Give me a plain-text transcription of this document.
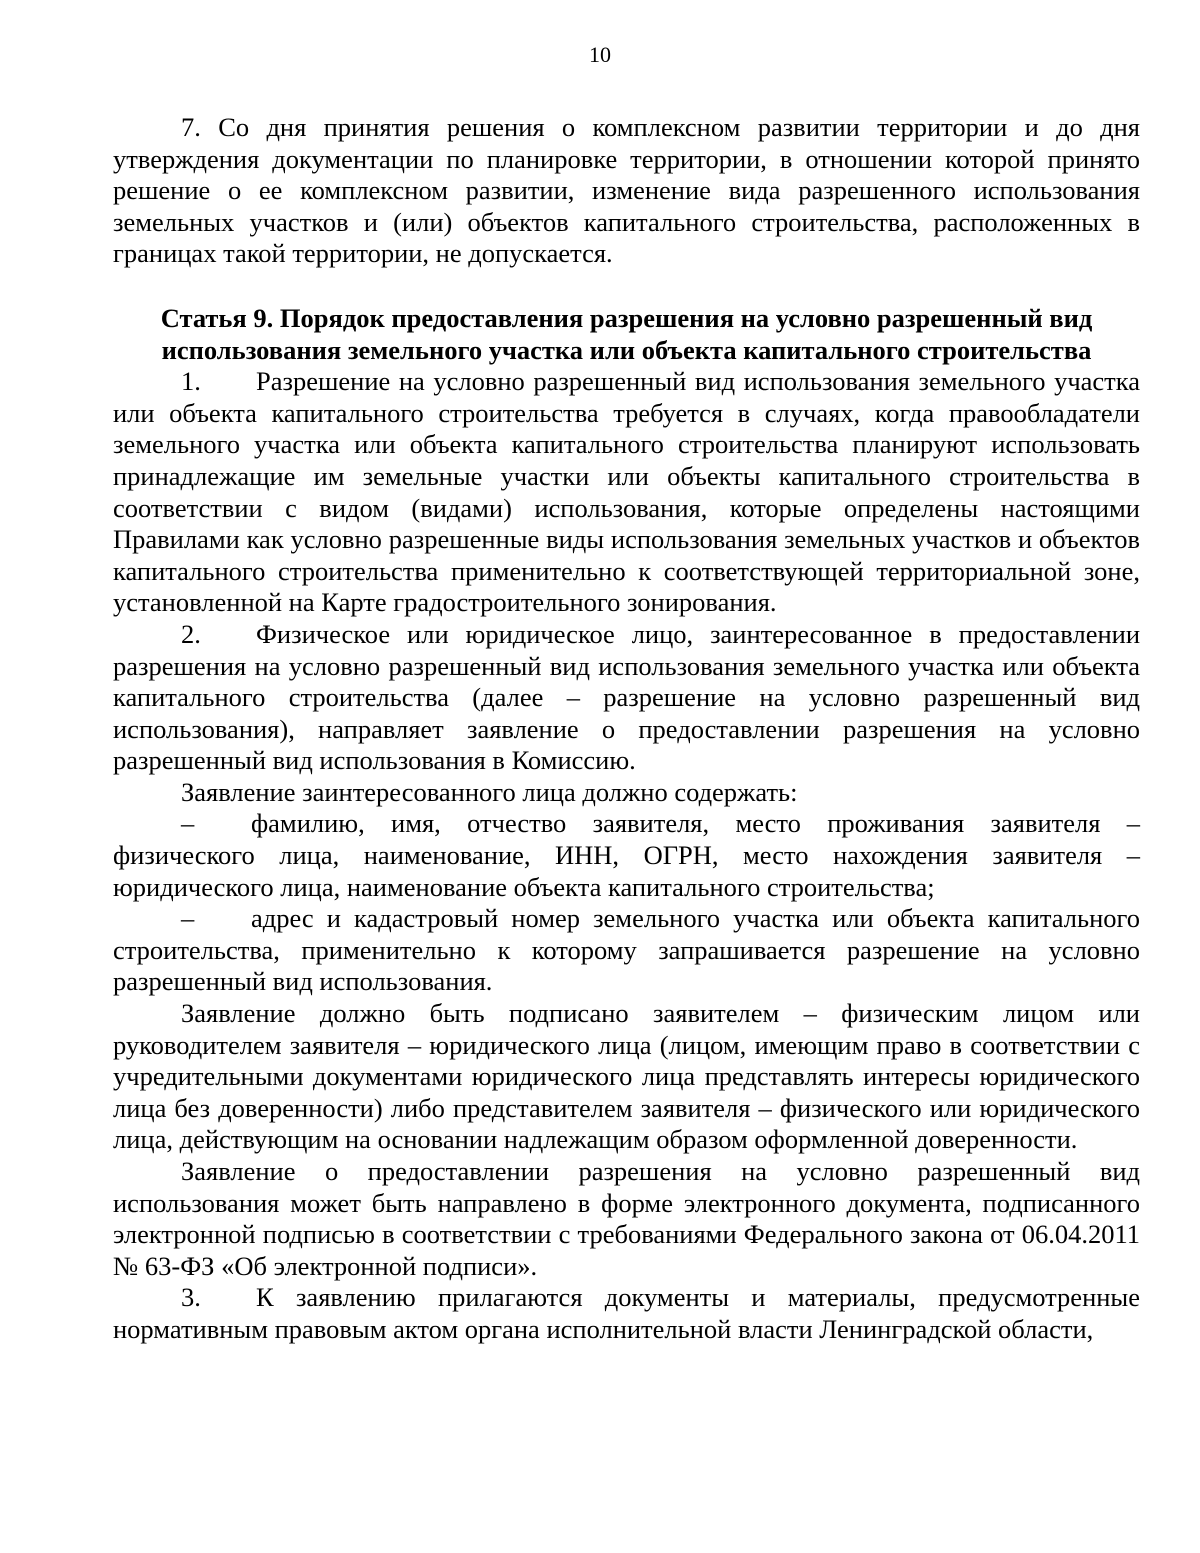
10

7. Со дня принятия решения о комплексном развитии территории и до дня утверждения документации по планировке территории, в отношении которой принято решение о ее комплексном развитии, изменение вида разрешенного использования земельных участков и (или) объектов капитального строительства, расположенных в границах такой территории, не допускается.

Статья 9. Порядок предоставления разрешения на условно разрешенный вид
использования земельного участка или объекта капитального строительства

1. Разрешение на условно разрешенный вид использования земельного участка или объекта капитального строительства требуется в случаях, когда правообладатели земельного участка или объекта капитального строительства планируют использовать принадлежащие им земельные участки или объекты капитального строительства в соответствии с видом (видами) использования, которые определены настоящими Правилами как условно разрешенные виды использования земельных участков и объектов капитального строительства применительно к соответствующей территориальной зоне, установленной на Карте градостроительного зонирования.

2. Физическое или юридическое лицо, заинтересованное в предоставлении разрешения на условно разрешенный вид использования земельного участка или объекта капитального строительства (далее – разрешение на условно разрешенный вид использования), направляет заявление о предоставлении разрешения на условно разрешенный вид использования в Комиссию.

Заявление заинтересованного лица должно содержать:

– фамилию, имя, отчество заявителя, место проживания заявителя – физического лица, наименование, ИНН, ОГРН, место нахождения заявителя – юридического лица, наименование объекта капитального строительства;

– адрес и кадастровый номер земельного участка или объекта капитального строительства, применительно к которому запрашивается разрешение на условно разрешенный вид использования.

Заявление должно быть подписано заявителем – физическим лицом или руководителем заявителя – юридического лица (лицом, имеющим право в соответствии с учредительными документами юридического лица представлять интересы юридического лица без доверенности) либо представителем заявителя – физического или юридического лица, действующим на основании надлежащим образом оформленной доверенности.

Заявление о предоставлении разрешения на условно разрешенный вид использования может быть направлено в форме электронного документа, подписанного электронной подписью в соответствии с требованиями Федерального закона от 06.04.2011 № 63-ФЗ «Об электронной подписи».

3. К заявлению прилагаются документы и материалы, предусмотренные нормативным правовым актом органа исполнительной власти Ленинградской области,
